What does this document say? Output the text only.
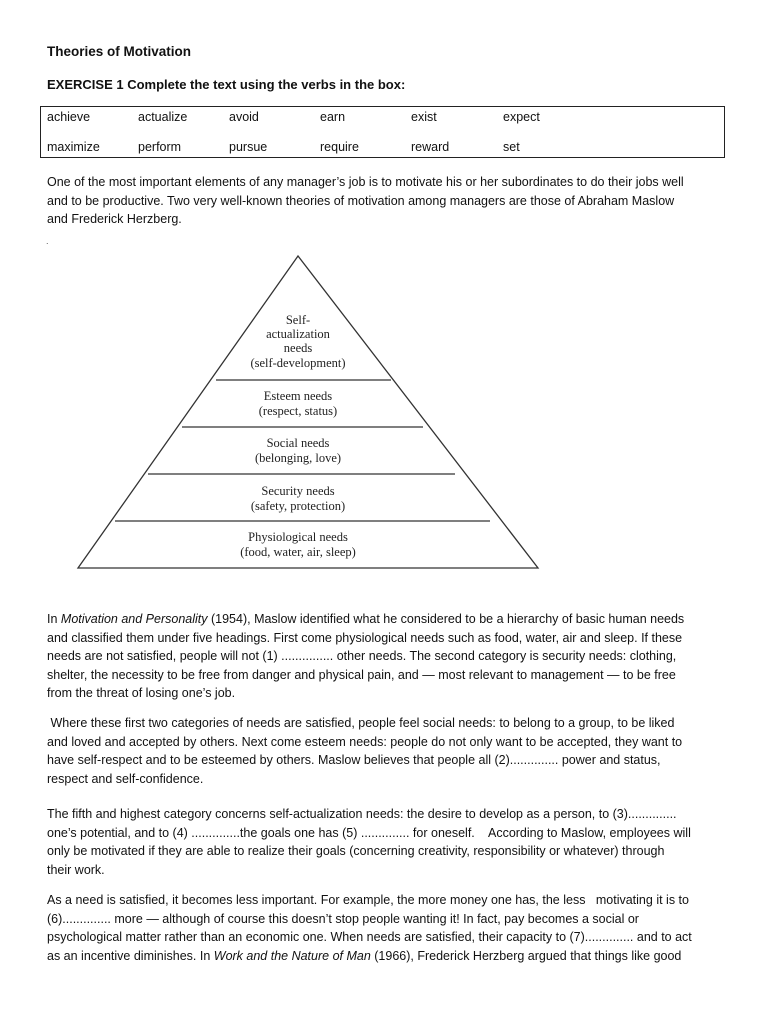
Theories of Motivation
EXERCISE 1 Complete the text using the verbs in the box:
achieve	actualize	avoid	earn	exist	expect
maximize	perform	pursue	require	reward	set
One of the most important elements of any manager’s job is to motivate his or her subordinates to do their jobs well
and to be productive. Two very well-known theories of motivation among managers are those of Abraham Maslow
and Frederick Herzberg.
.
Self-
actualization
needs
(self-development)
Esteem needs
(respect, status)
Social needs
(belonging, love)
Security needs
(safety, protection)
Physiological needs
(food, water, air, sleep)
In Motivation and Personality (1954), Maslow identified what he considered to be a hierarchy of basic human needs
and classified them under five headings. First come physiological needs such as food, water, air and sleep. If these
needs are not satisfied, people will not (1) ............... other needs. The second category is security needs: clothing,
shelter, the necessity to be free from danger and physical pain, and — most relevant to management — to be free
from the threat of losing one’s job.
Where these first two categories of needs are satisfied, people feel social needs: to belong to a group, to be liked
and loved and accepted by others. Next come esteem needs: people do not only want to be accepted, they want to
have self-respect and to be esteemed by others. Maslow believes that people all (2).............. power and status,
respect and self-confidence.
The fifth and highest category concerns self-actualization needs: the desire to develop as a person, to (3)..............
one’s potential, and to (4) ..............the goals one has (5) .............. for oneself.    According to Maslow, employees will
only be motivated if they are able to realize their goals (concerning creativity, responsibility or whatever) through
their work.
As a need is satisfied, it becomes less important. For example, the more money one has, the less   motivating it is to
(6).............. more — although of course this doesn’t stop people wanting it! In fact, pay becomes a social or
psychological matter rather than an economic one. When needs are satisfied, their capacity to (7).............. and to act
as an incentive diminishes. In Work and the Nature of Man (1966), Frederick Herzberg argued that things like good
